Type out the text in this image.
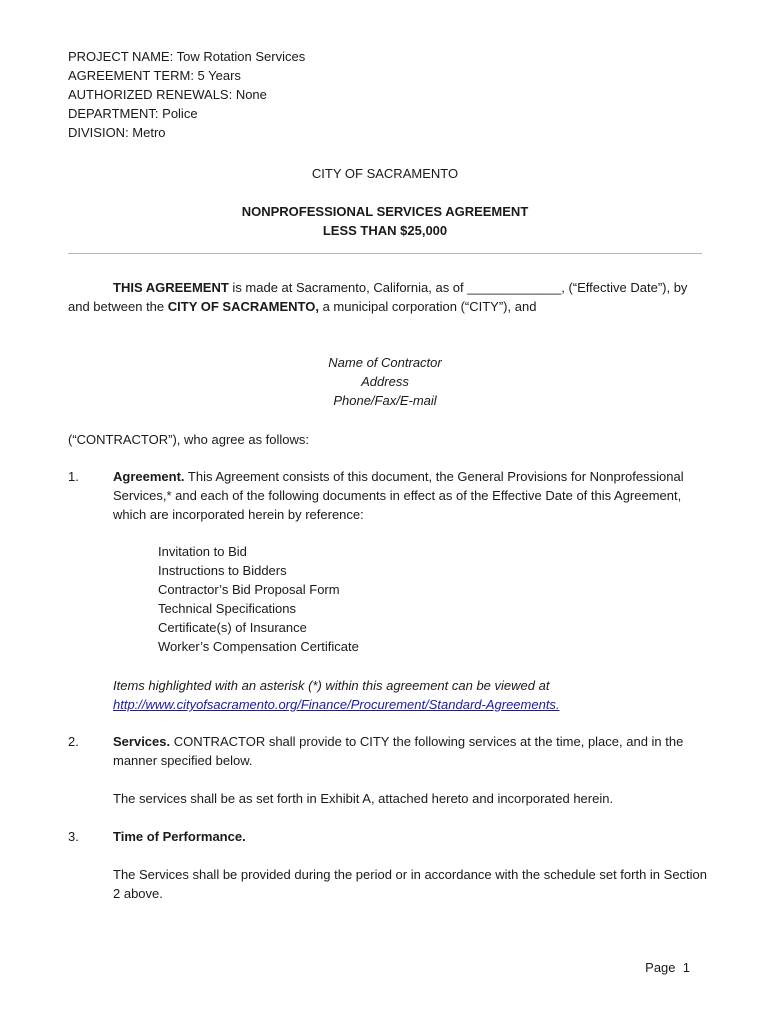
PROJECT NAME: Tow Rotation Services
AGREEMENT TERM: 5 Years
AUTHORIZED RENEWALS: None
DEPARTMENT: Police
DIVISION: Metro
CITY OF SACRAMENTO
NONPROFESSIONAL SERVICES AGREEMENT
LESS THAN $25,000
THIS AGREEMENT is made at Sacramento, California, as of _____________, (“Effective Date”), by and between the CITY OF SACRAMENTO, a municipal corporation (“CITY”), and
Name of Contractor
Address
Phone/Fax/E-mail
(“CONTRACTOR”), who agree as follows:
1.	Agreement. This Agreement consists of this document, the General Provisions for Nonprofessional Services,* and each of the following documents in effect as of the Effective Date of this Agreement, which are incorporated herein by reference:
Invitation to Bid
Instructions to Bidders
Contractor’s Bid Proposal Form
Technical Specifications
Certificate(s) of Insurance
Worker’s Compensation Certificate
Items highlighted with an asterisk (*) within this agreement can be viewed at http://www.cityofsacramento.org/Finance/Procurement/Standard-Agreements.
2.	Services. CONTRACTOR shall provide to CITY the following services at the time, place, and in the manner specified below.
The services shall be as set forth in Exhibit A, attached hereto and incorporated herein.
3.	Time of Performance.
The Services shall be provided during the period or in accordance with the schedule set forth in Section 2 above.
Page 1
